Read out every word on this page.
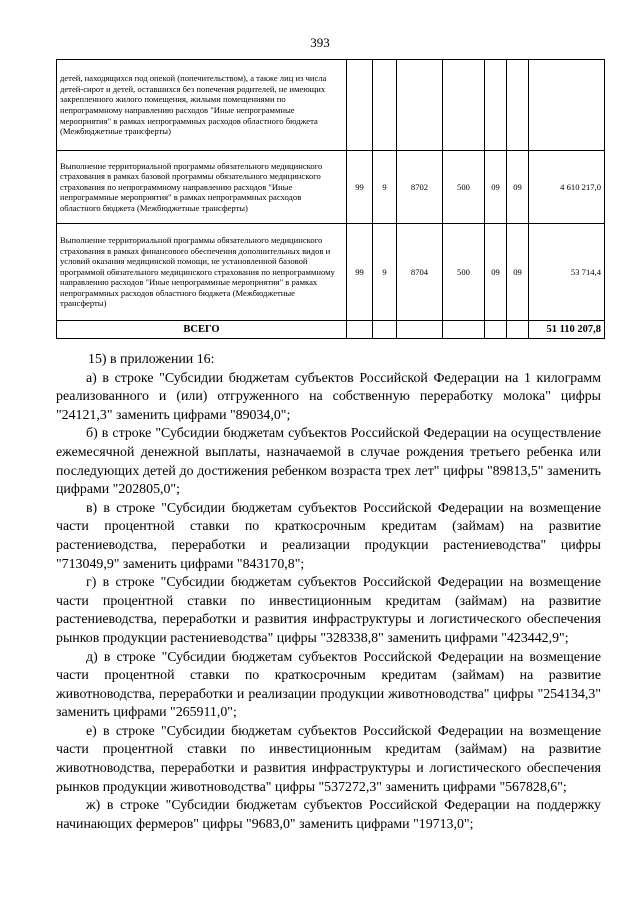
393
детей, находящихся под опекой (попечительством), а также лиц из числа детей-сирот и детей, оставшихся без попечения родителей, не имеющих закрепленного жилого помещения, жилыми помещениями по непрограммному направлению расходов "Иные непрограммные мероприятия" в рамках непрограммных расходов областного бюджета (Межбюджетные трансферты)							
Выполнение территориальной программы обязательного медицинского страхования в рамках базовой программы обязательного медицинского страхования по непрограммному направлению расходов "Иные непрограммные мероприятия" в рамках непрограммных расходов областного бюджета (Межбюджетные трансферты)	99	9	8702	500	09	09	4 610 217,0
Выполнение территориальной программы обязательного медицинского страхования в рамках финансового обеспечения дополнительных видов и условий оказания медицинской помощи, не установленной базовой программой обязательного медицинского страхования по непрограммному направлению расходов "Иные непрограммные мероприятия" в рамках непрограммных расходов областного бюджета (Межбюджетные трансферты)	99	9	8704	500	09	09	53 714,4
ВСЕГО							51 110 207,8

15) в приложении 16:

а) в строке "Субсидии бюджетам субъектов Российской Федерации на 1 килограмм реализованного и (или) отгруженного на собственную переработку молока" цифры "24121,3" заменить цифрами "89034,0";

б) в строке "Субсидии бюджетам субъектов Российской Федерации на осуществление ежемесячной денежной выплаты, назначаемой в случае рождения третьего ребенка или последующих детей до достижения ребенком возраста трех лет" цифры "89813,5" заменить цифрами "202805,0";

в) в строке "Субсидии бюджетам субъектов Российской Федерации на возмещение части процентной ставки по краткосрочным кредитам (займам) на развитие растениеводства, переработки и реализации продукции растениеводства" цифры "713049,9" заменить цифрами "843170,8";

г) в строке "Субсидии бюджетам субъектов Российской Федерации на возмещение части процентной ставки по инвестиционным кредитам (займам) на развитие растениеводства, переработки и развития инфраструктуры и логистического обеспечения рынков продукции растениеводства" цифры "328338,8" заменить цифрами "423442,9";

д) в строке "Субсидии бюджетам субъектов Российской Федерации на возмещение части процентной ставки по краткосрочным кредитам (займам) на развитие животноводства, переработки и реализации продукции животноводства" цифры "254134,3" заменить цифрами "265911,0";

е) в строке "Субсидии бюджетам субъектов Российской Федерации на возмещение части процентной ставки по инвестиционным кредитам (займам) на развитие животноводства, переработки и развития инфраструктуры и логистического обеспечения рынков продукции животноводства" цифры "537272,3" заменить цифрами "567828,6";

ж) в строке "Субсидии бюджетам субъектов Российской Федерации на поддержку начинающих фермеров" цифры "9683,0" заменить цифрами "19713,0";
